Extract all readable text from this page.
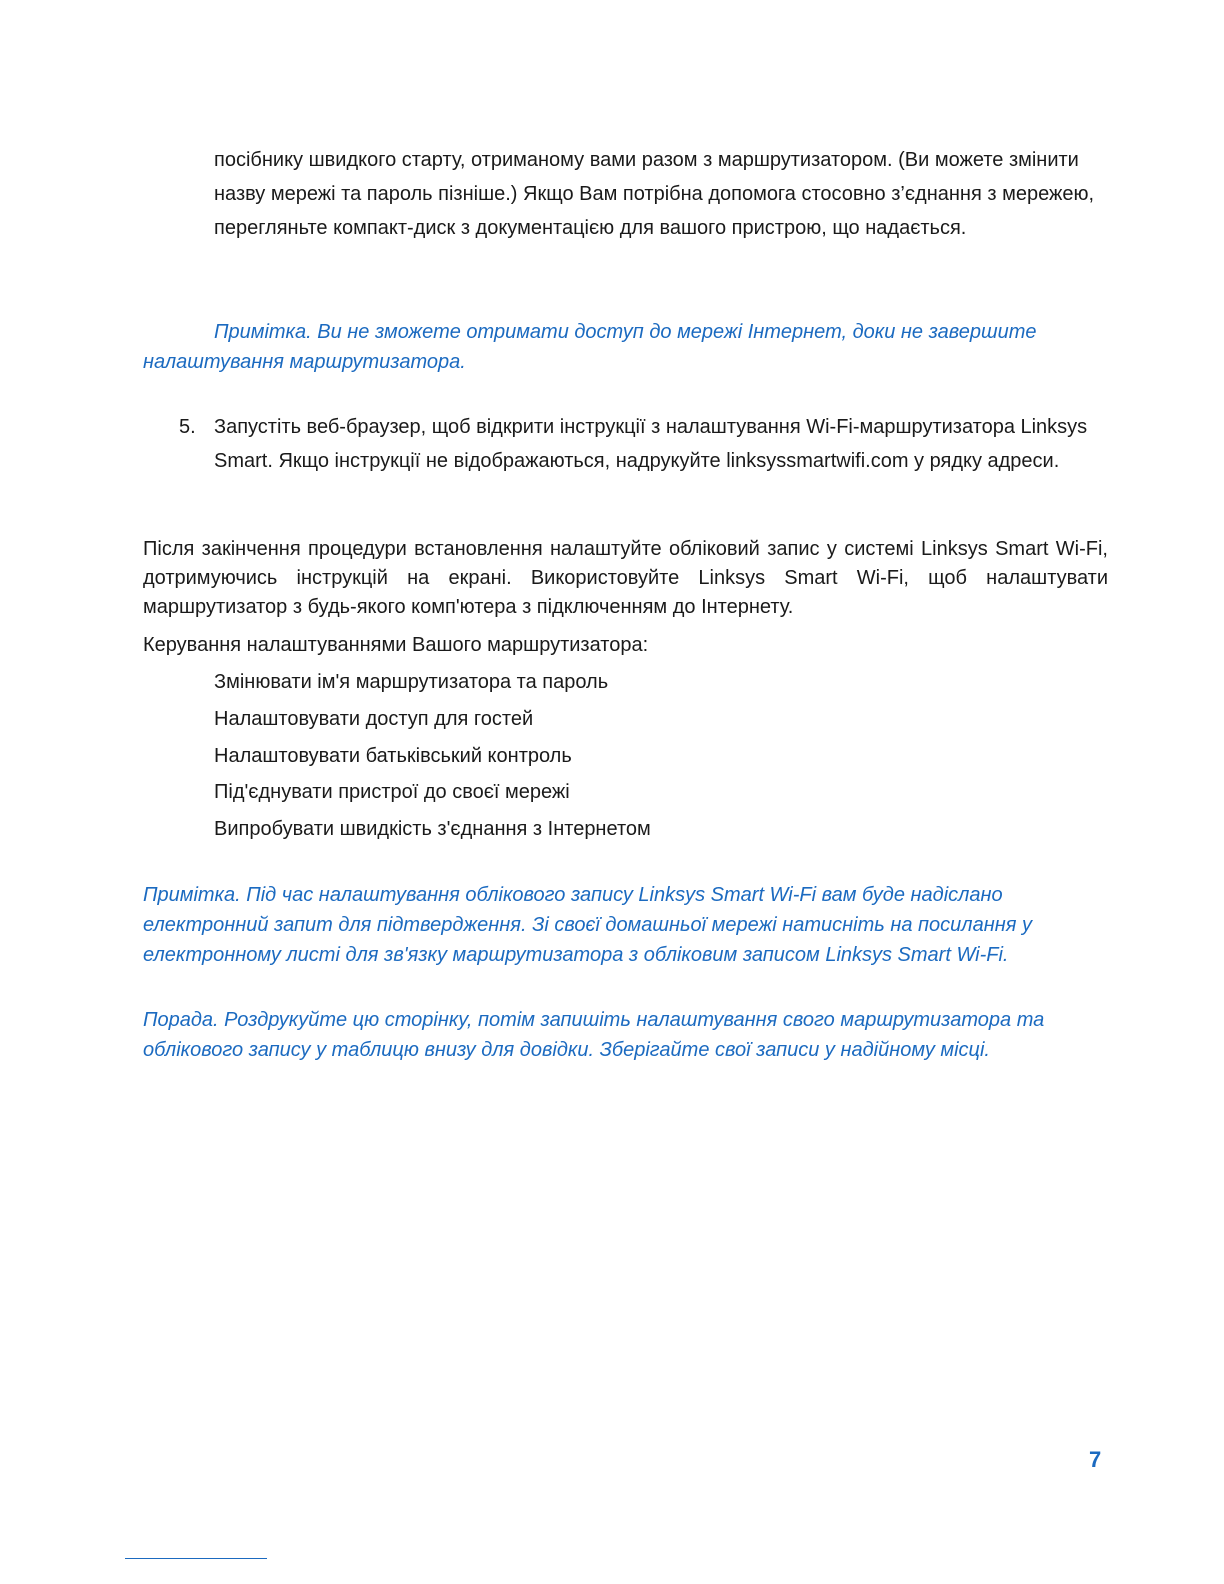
посібнику швидкого старту, отриманому вами разом з маршрутизатором. (Ви можете змінити назву мережі та пароль пізніше.) Якщо Вам потрібна допомога стосовно з’єднання з мережею, перегляньте компакт-диск з документацією для вашого пристрою, що надається.

Примітка. Ви не зможете отримати доступ до мережі Інтернет, доки не завершите налаштування маршрутизатора.

5. Запустіть веб-браузер, щоб відкрити інструкції з налаштування Wi-Fi-маршрутизатора Linksys Smart. Якщо інструкції не відображаються, надрукуйте linksyssmartwifi.com у рядку адреси.

Після закінчення процедури встановлення налаштуйте обліковий запис у системі Linksys Smart Wi-Fi, дотримуючись інструкцій на екрані. Використовуйте Linksys Smart Wi-Fi, щоб налаштувати маршрутизатор з будь-якого комп'ютера з підключенням до Інтернету.

Керування налаштуваннями Вашого маршрутизатора:
Змінювати ім'я маршрутизатора та пароль
Налаштовувати доступ для гостей
Налаштовувати батьківський контроль
Під'єднувати пристрої до своєї мережі
Випробувати швидкість з'єднання з Інтернетом

Примітка. Під час налаштування облікового запису Linksys Smart Wi-Fi вам буде надіслано електронний запит для підтвердження. Зі своєї домашньої мережі натисніть на посилання у електронному листі для зв'язку маршрутизатора з обліковим записом Linksys Smart Wi-Fi.

Порада. Роздрукуйте цю сторінку, потім запишіть налаштування свого маршрутизатора та облікового запису у таблицю внизу для довідки. Зберігайте свої записи у надійному місці.

7
